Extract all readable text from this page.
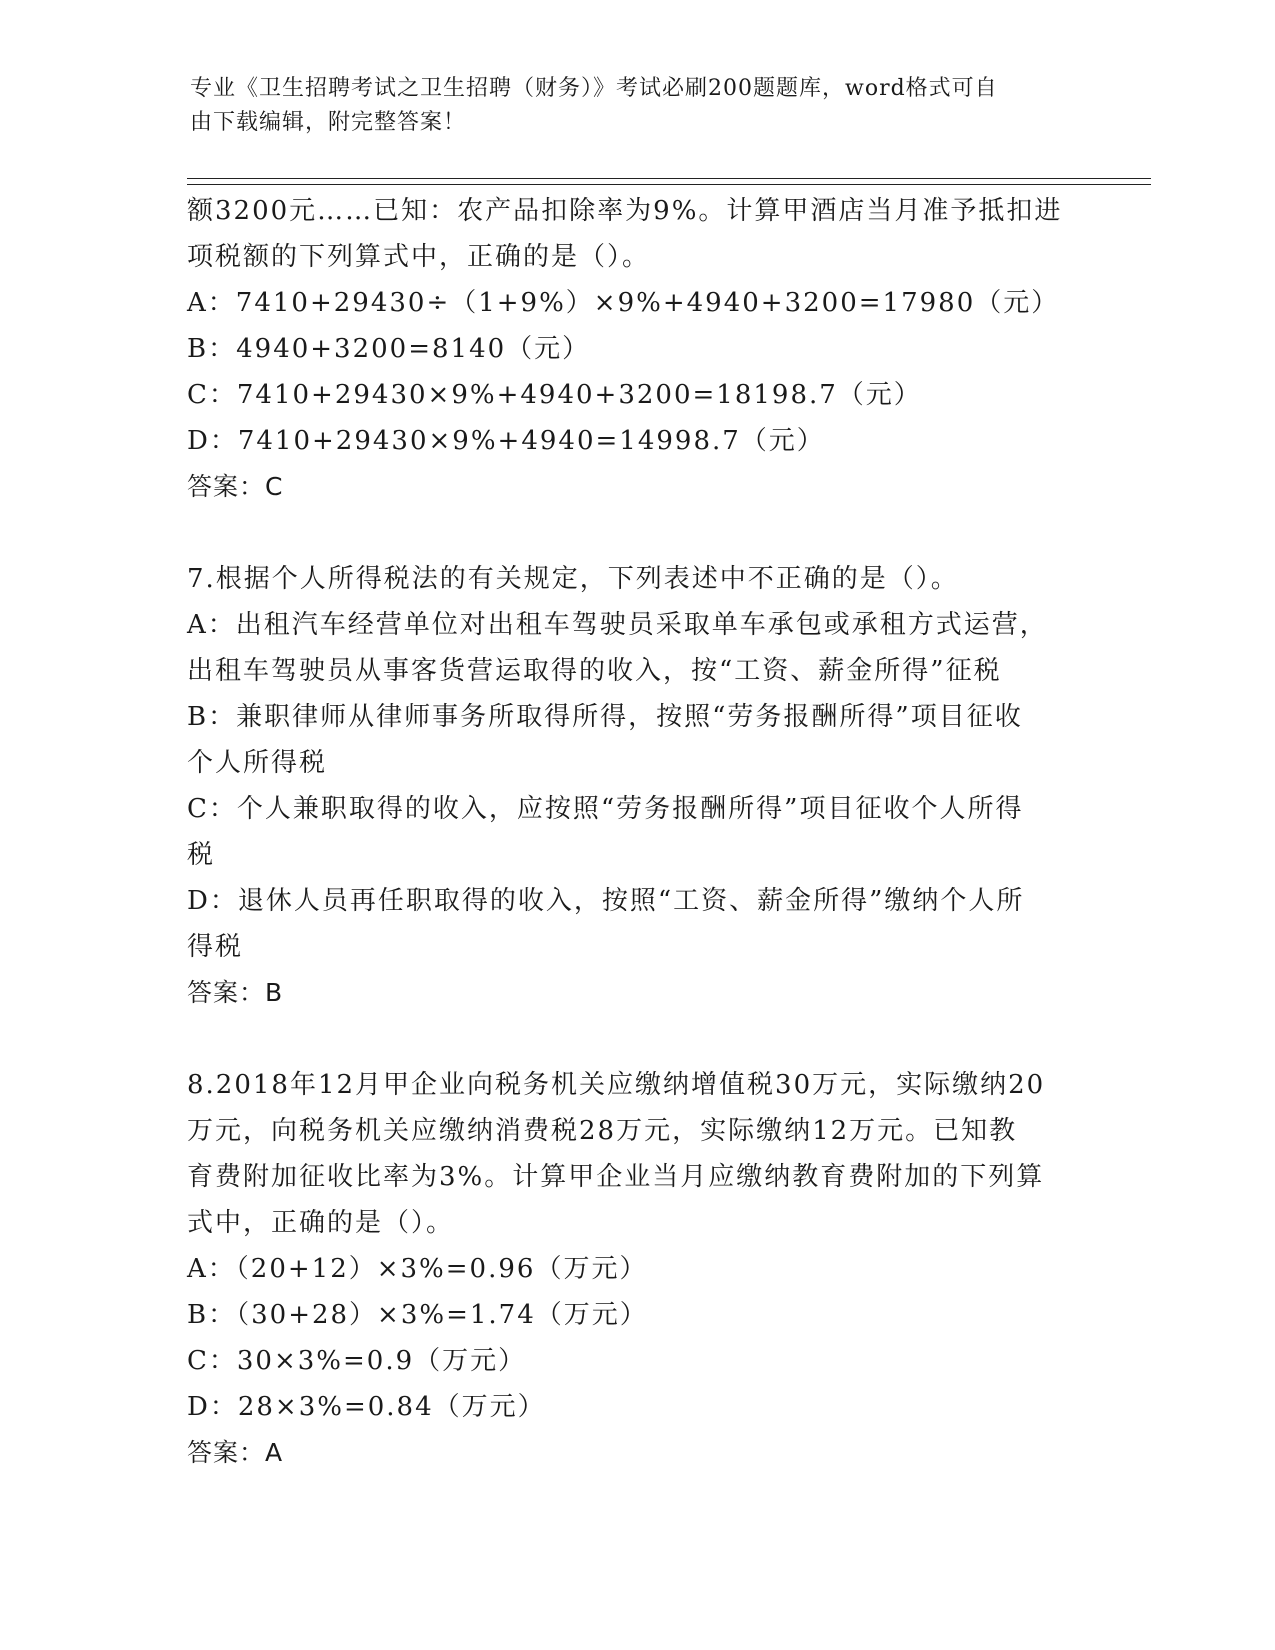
专业《卫生招聘考试之卫生招聘（财务）》考试必刷200题题库，word格式可自
由下载编辑，附完整答案！
额3200元……已知：农产品扣除率为9%。计算甲酒店当月准予抵扣进
项税额的下列算式中，正确的是（）。
A：7410+29430÷（1+9%）×9%+4940+3200=17980（元）
B：4940+3200=8140（元）
C：7410+29430×9%+4940+3200=18198.7（元）
D：7410+29430×9%+4940=14998.7（元）
答案：C
7.根据个人所得税法的有关规定，下列表述中不正确的是（）。
A：出租汽车经营单位对出租车驾驶员采取单车承包或承租方式运营，
出租车驾驶员从事客货营运取得的收入，按“工资、薪金所得”征税
B：兼职律师从律师事务所取得所得，按照“劳务报酬所得”项目征收
个人所得税
C：个人兼职取得的收入，应按照“劳务报酬所得”项目征收个人所得
税
D：退休人员再任职取得的收入，按照“工资、薪金所得”缴纳个人所
得税
答案：B
8.2018年12月甲企业向税务机关应缴纳增值税30万元，实际缴纳20
万元，向税务机关应缴纳消费税28万元，实际缴纳12万元。已知教
育费附加征收比率为3%。计算甲企业当月应缴纳教育费附加的下列算
式中，正确的是（）。
A：（20+12）×3%=0.96（万元）
B：（30+28）×3%=1.74（万元）
C：30×3%=0.9（万元）
D：28×3%=0.84（万元）
答案：A
